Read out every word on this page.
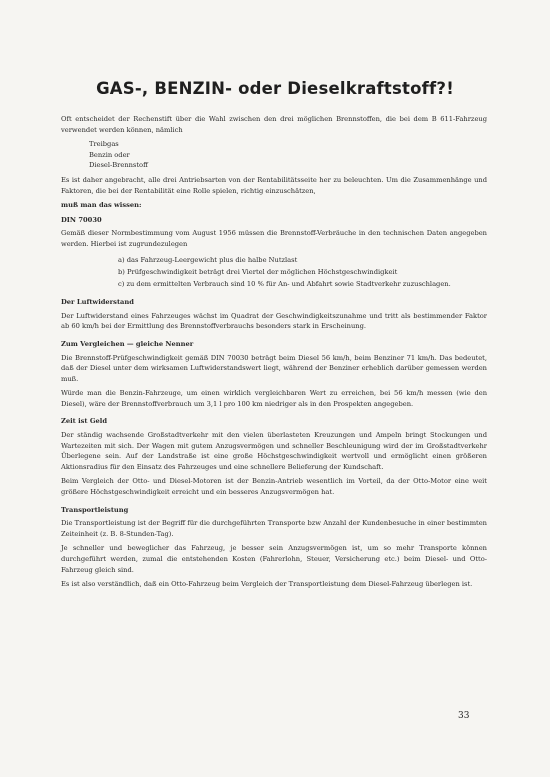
GAS-, BENZIN- oder Dieselkraftstoff?!

Oft entscheidet der Rechenstift über die Wahl zwischen den drei möglichen Brennstoffen, die bei dem B 611-Fahrzeug verwendet werden können, nämlich

Treibgas
Benzin oder
Diesel-Brennstoff

Es ist daher angebracht, alle drei Antriebsarten von der Rentabilitätsseite her zu beleuchten. Um die Zusammenhänge und Faktoren, die bei der Rentabilität eine Rolle spielen, richtig einzuschätzen,

muß man das wissen:
DIN 70030

Gemäß dieser Normbestimmung vom August 1956 müssen die Brennstoff-Verbräuche in den technischen Daten angegeben werden. Hierbei ist zugrundezulegen

a) das Fahrzeug-Leergewicht plus die halbe Nutzlast
b) Prüfgeschwindigkeit beträgt drei Viertel der möglichen Höchstgeschwindigkeit
c) zu dem ermittelten Verbrauch sind 10 % für An- und Abfahrt sowie Stadtverkehr zuzuschlagen.
Der Luftwiderstand

Der Luftwiderstand eines Fahrzeuges wächst im Quadrat der Geschwindigkeitszunahme und tritt als bestimmender Faktor ab 60 km/h bei der Ermittlung des Brennstoffverbrauchs besonders stark in Erscheinung.

Zum Vergleichen — gleiche Nenner

Die Brennstoff-Prüfgeschwindigkeit gemäß DIN 70030 beträgt beim Diesel 56 km/h, beim Benziner 71 km/h. Das bedeutet, daß der Diesel unter dem wirksamen Luftwiderstandswert liegt, während der Benziner erheblich darüber gemessen werden muß.

Würde man die Benzin-Fahrzeuge, um einen wirklich vergleichbaren Wert zu erreichen, bei 56 km/h messen (wie den Diesel), wäre der Brennstoffverbrauch um 3,1 l pro 100 km niedriger als in den Prospekten angegeben.

Zeit ist Geld

Der ständig wachsende Großstadtverkehr mit den vielen überlasteten Kreuzungen und Ampeln bringt Stockungen und Wartezeiten mit sich. Der Wagen mit gutem Anzugsvermögen und schneller Beschleunigung wird der im Großstadtverkehr Überlegene sein. Auf der Landstraße ist eine große Höchstgeschwindigkeit wertvoll und ermöglicht einen größeren Aktionsradius für den Einsatz des Fahrzeuges und eine schnellere Belieferung der Kundschaft.

Beim Vergleich der Otto- und Diesel-Motoren ist der Benzin-Antrieb wesentlich im Vorteil, da der Otto-Motor eine weit größere Höchstgeschwindigkeit erreicht und ein besseres Anzugsvermögen hat.

Transportleistung

Die Transportleistung ist der Begriff für die durchgeführten Transporte bzw Anzahl der Kundenbesuche in einer bestimmten Zeiteinheit (z. B. 8-Stunden-Tag).

Je schneller und beweglicher das Fahrzeug, je besser sein Anzugsvermögen ist, um so mehr Transporte können durchgeführt werden, zumal die entstehenden Kosten (Fahrerlohn, Steuer, Versicherung etc.) beim Diesel- und Otto-Fahrzeug gleich sind.

Es ist also verständlich, daß ein Otto-Fahrzeug beim Vergleich der Transportleistung dem Diesel-Fahrzeug überlegen ist.

33
